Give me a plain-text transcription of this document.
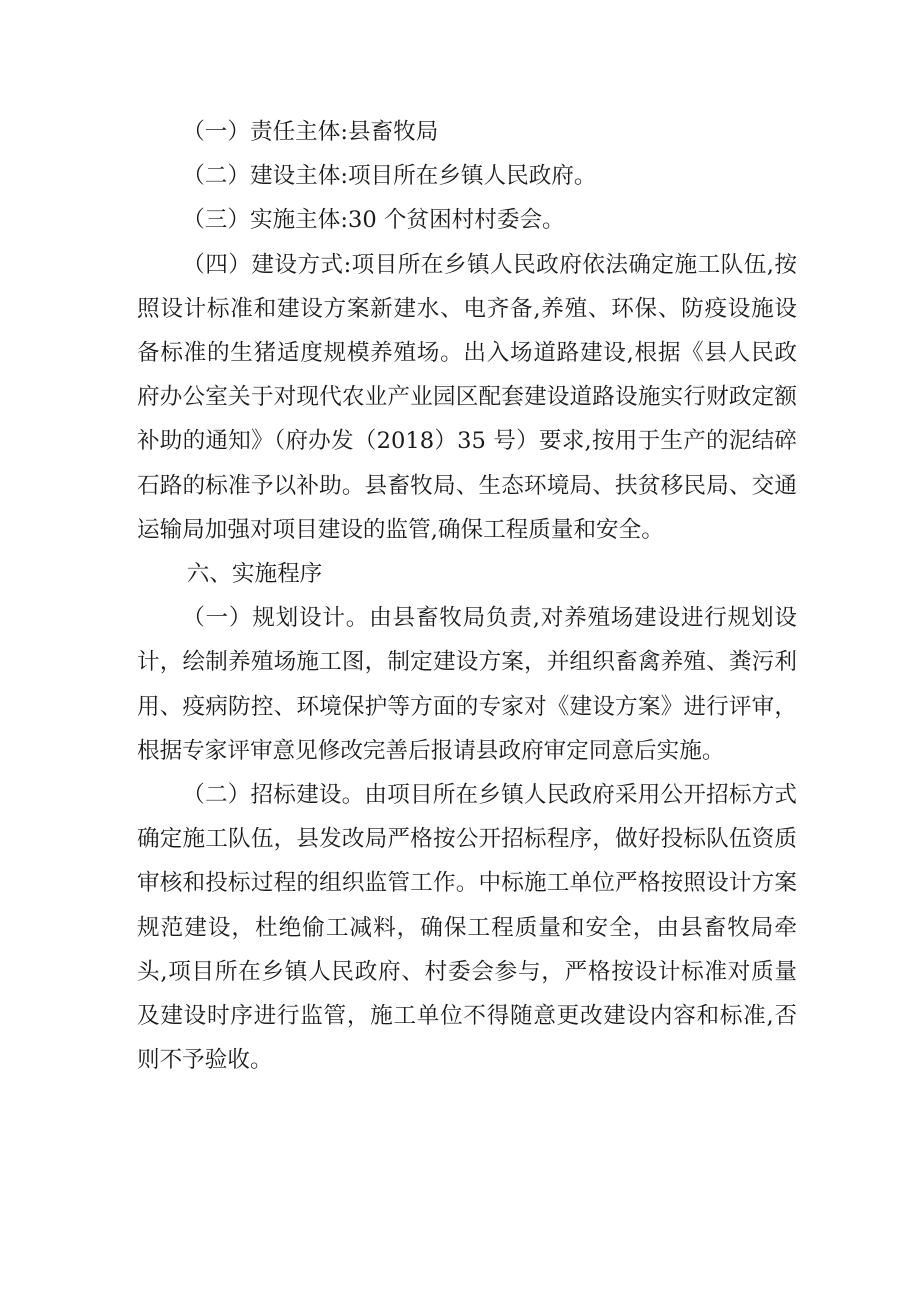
（一）责任主体:县畜牧局

（二）建设主体:项目所在乡镇人民政府。

（三）实施主体:30 个贫困村村委会。

（四）建设方式:项目所在乡镇人民政府依法确定施工队伍,按照设计标准和建设方案新建水、电齐备,养殖、环保、防疫设施设备标准的生猪适度规模养殖场。出入场道路建设,根据《县人民政府办公室关于对现代农业产业园区配套建设道路设施实行财政定额补助的通知》（府办发（2018）35 号）要求,按用于生产的泥结碎石路的标准予以补助。县畜牧局、生态环境局、扶贫移民局、交通运输局加强对项目建设的监管,确保工程质量和安全。

六、实施程序

（一）规划设计。由县畜牧局负责,对养殖场建设进行规划设计，绘制养殖场施工图，制定建设方案，并组织畜禽养殖、粪污利用、疫病防控、环境保护等方面的专家对《建设方案》进行评审，根据专家评审意见修改完善后报请县政府审定同意后实施。

（二）招标建设。由项目所在乡镇人民政府采用公开招标方式确定施工队伍，县发改局严格按公开招标程序，做好投标队伍资质审核和投标过程的组织监管工作。中标施工单位严格按照设计方案规范建设，杜绝偷工减料，确保工程质量和安全，由县畜牧局牵头,项目所在乡镇人民政府、村委会参与，严格按设计标准对质量及建设时序进行监管，施工单位不得随意更改建设内容和标准,否则不予验收。
